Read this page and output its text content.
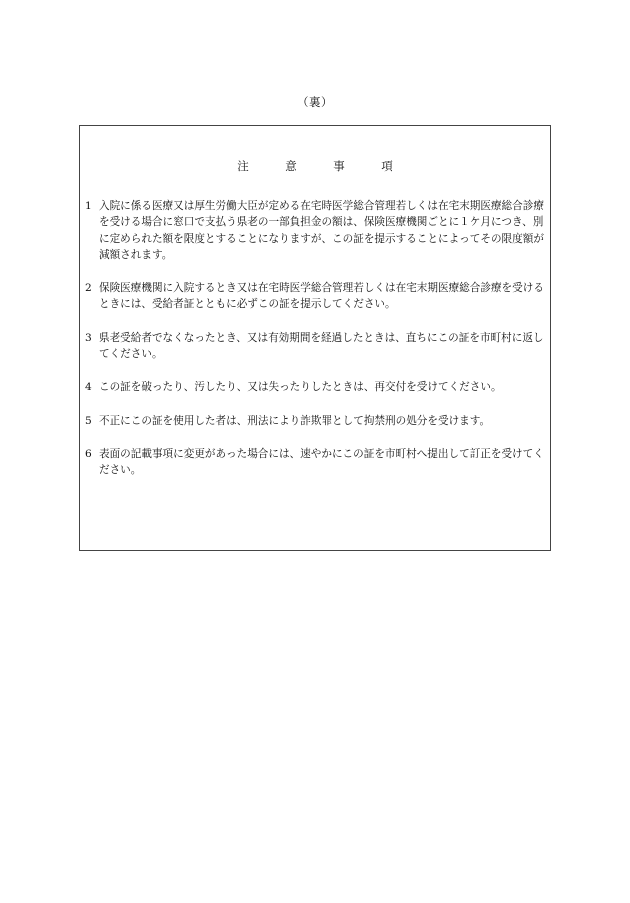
（裏）
注	意	事	項
1 入院に係る医療又は厚生労働大臣が定める在宅時医学総合管理若しくは在宅末期医療総合診療を受ける場合に窓口で支払う県老の一部負担金の額は、保険医療機関ごとに１ケ月につき、別に定められた額を限度とすることになりますが、この証を提示することによってその限度額が減額されます。
2 保険医療機関に入院するとき又は在宅時医学総合管理若しくは在宅末期医療総合診療を受けるときには、受給者証とともに必ずこの証を提示してください。
3 県老受給者でなくなったとき、又は有効期間を経過したときは、直ちにこの証を市町村に返してください。
4 この証を破ったり、汚したり、又は失ったりしたときは、再交付を受けてください。
5 不正にこの証を使用した者は、刑法により詐欺罪として拘禁刑の処分を受けます。
6 表面の記載事項に変更があった場合には、速やかにこの証を市町村へ提出して訂正を受けてください。
